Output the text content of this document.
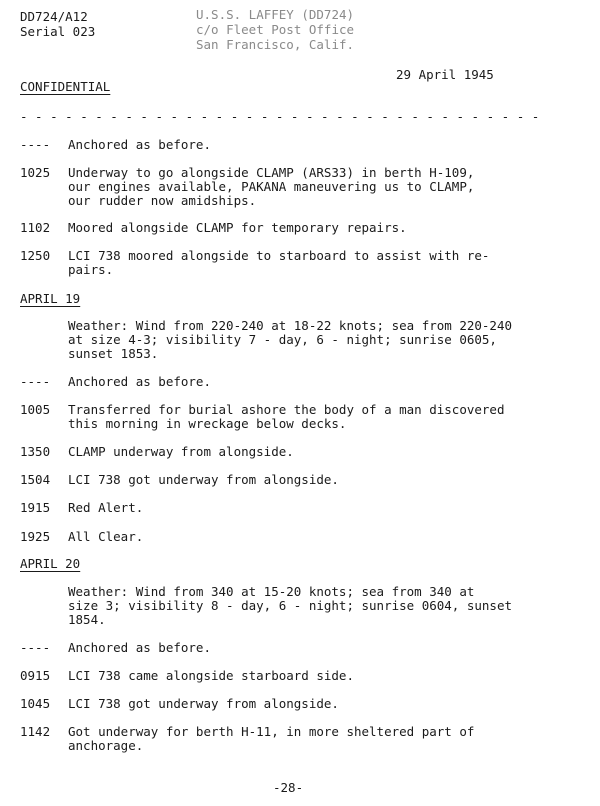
DD724/A12
Serial 023
U.S.S. LAFFEY (DD724)
c/o Fleet Post Office
San Francisco, Calif.
29 April 1945
CONFIDENTIAL
- - - - - - - - - - - - - - - - - - - - - - - - - - - - - - - - - - -
---- Anchored as before.
1025 Underway to go alongside CLAMP (ARS33) in berth H-109,
our engines available, PAKANA maneuvering us to CLAMP,
our rudder now amidships.
1102 Moored alongside CLAMP for temporary repairs.
1250 LCI 738 moored alongside to starboard to assist with re-
pairs.
APRIL 19
Weather: Wind from 220-240 at 18-22 knots; sea from 220-240
at size 4-3; visibility 7 - day, 6 - night; sunrise 0605,
sunset 1853.
---- Anchored as before.
1005 Transferred for burial ashore the body of a man discovered
this morning in wreckage below decks.
1350 CLAMP underway from alongside.
1504 LCI 738 got underway from alongside.
1915 Red Alert.
1925 All Clear.
APRIL 20
Weather: Wind from 340 at 15-20 knots; sea from 340 at
size 3; visibility 8 - day, 6 - night; sunrise 0604, sunset
1854.
---- Anchored as before.
0915 LCI 738 came alongside starboard side.
1045 LCI 738 got underway from alongside.
1142 Got underway for berth H-11, in more sheltered part of
anchorage.
-28-
